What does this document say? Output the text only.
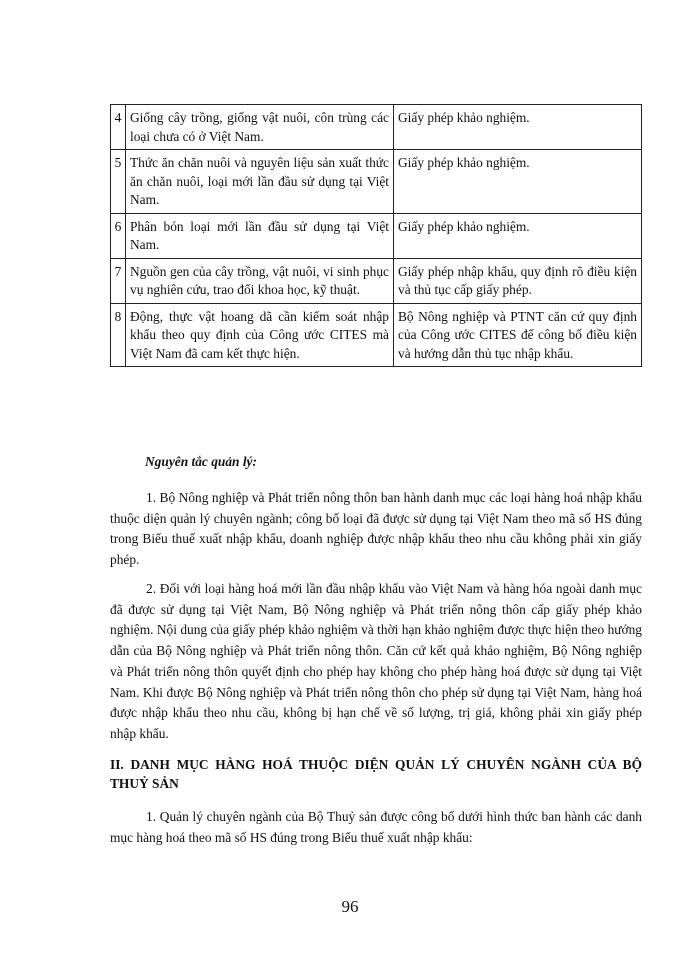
4	Giống cây trồng, giống vật nuôi, côn trùng các loại chưa có ở Việt Nam.	Giấy phép khảo nghiệm.
5	Thức ăn chăn nuôi và nguyên liệu sản xuất thức ăn chăn nuôi, loại mới lần đầu sử dụng tại Việt Nam.	Giấy phép khảo nghiệm.
6	Phân bón loại mới lần đầu sử dụng tại Việt Nam.	Giấy phép khảo nghiệm.
7	Nguồn gen của cây trồng, vật nuôi, vi sinh phục vụ nghiên cứu, trao đổi khoa học, kỹ thuật.	Giấy phép nhập khẩu, quy định rõ điều kiện và thủ tục cấp giấy phép.
8	Động, thực vật hoang dã cần kiểm soát nhập khẩu theo quy định của Công ước CITES mà Việt Nam đã cam kết thực hiện.	Bộ Nông nghiệp và PTNT căn cứ quy định của Công ước CITES để công bố điều kiện và hướng dẫn thủ tục nhập khẩu.
Nguyên tắc quản lý:

1. Bộ Nông nghiệp và Phát triển nông thôn ban hành danh mục các loại hàng hoá nhập khẩu thuộc diện quản lý chuyên ngành; công bố loại đã được sử dụng tại Việt Nam theo mã số HS đúng trong Biểu thuế xuất nhập khẩu, doanh nghiệp được nhập khẩu theo nhu cầu không phải xin giấy phép.

2. Đối với loại hàng hoá mới lần đầu nhập khẩu vào Việt Nam và hàng hóa ngoài danh mục đã được sử dụng tại Việt Nam, Bộ Nông nghiệp và Phát triển nông thôn cấp giấy phép khảo nghiệm. Nội dung của giấy phép khảo nghiệm và thời hạn khảo nghiệm được thực hiện theo hướng dẫn của Bộ Nông nghiệp và Phát triển nông thôn. Căn cứ kết quả khảo nghiệm, Bộ Nông nghiệp và Phát triển nông thôn quyết định cho phép hay không cho phép hàng hoá được sử dụng tại Việt Nam. Khi được Bộ Nông nghiệp và Phát triển nông thôn cho phép sử dụng tại Việt Nam, hàng hoá được nhập khẩu theo nhu cầu, không bị hạn chế về số lượng, trị giá, không phải xin giấy phép nhập khẩu.

II. DANH MỤC HÀNG HOÁ THUỘC DIỆN QUẢN LÝ CHUYÊN NGÀNH CỦA BỘ THUỶ SẢN

1. Quản lý chuyên ngành của Bộ Thuỷ sản được công bố dưới hình thức ban hành các danh mục hàng hoá theo mã số HS đúng trong Biểu thuế xuất nhập khẩu:

96
